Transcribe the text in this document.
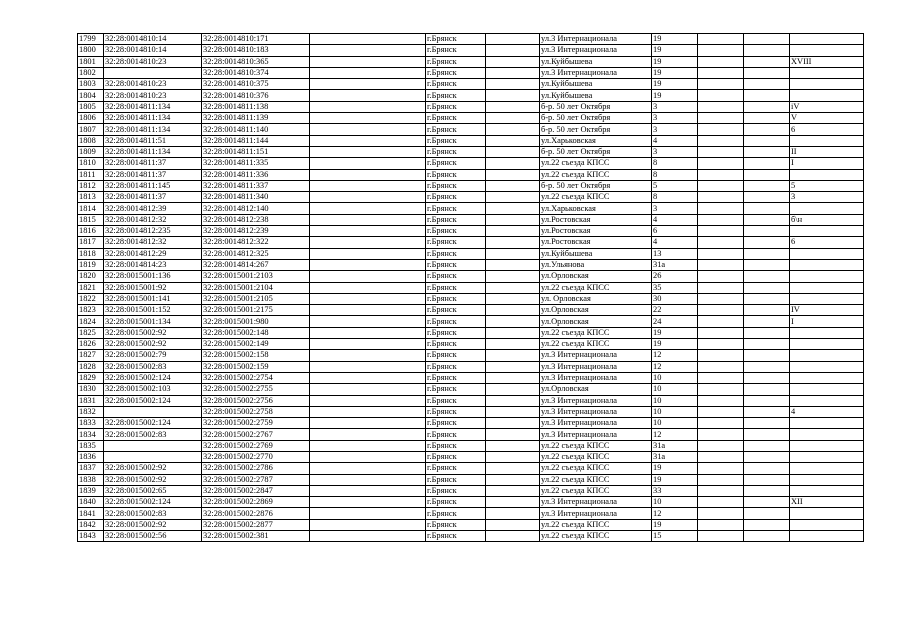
1799	32:28:0014810:14	32:28:0014810:171		г.Брянск		ул.3 Интернационала	19			
1800	32:28:0014810:14	32:28:0014810:183		г.Брянск		ул.3 Интернационала	19			
1801	32:28:0014810:23	32:28:0014810:365		г.Брянск		ул.Куйбышева	19			XVIII
1802		32:28:0014810:374		г.Брянск		ул.3 Интернационала	19			
1803	32:28:0014810:23	32:28:0014810:375		г.Брянск		ул.Куйбышева	19			
1804	32:28:0014810:23	32:28:0014810:376		г.Брянск		ул.Куйбышева	19			
1805	32:28:0014811:134	32:28:0014811:138		г.Брянск		б-р. 50 лет Октября	3			iV
1806	32:28:0014811:134	32:28:0014811:139		г.Брянск		б-р. 50 лет Октября	3			V
1807	32:28:0014811:134	32:28:0014811:140		г.Брянск		б-р. 50 лет Октября	3			6
1808	32:28:0014811:51	32:28:0014811:144		г.Брянск		ул.Харьковская	4			
1809	32:28:0014811:134	32:28:0014811:151		г.Брянск		б-р. 50 лет Октября	3			II
1810	32:28:0014811:37	32:28:0014811:335		г.Брянск		ул.22 съезда КПСС	8			I
1811	32:28:0014811:37	32:28:0014811:336		г.Брянск		ул.22 съезда КПСС	8			
1812	32:28:0014811:145	32:28:0014811:337		г.Брянск		б-р. 50 лет Октября	5			5
1813	32:28:0014811:37	32:28:0014811:340		г.Брянск		ул.22 съезда КПСС	8			3
1814	32:28:0014812:39	32:28:0014812:140		г.Брянск		ул.Харьковская	3			
1815	32:28:0014812:32	32:28:0014812:238		г.Брянск		ул.Ростовская	4			б\н
1816	32:28:0014812:235	32:28:0014812:239		г.Брянск		ул.Ростовская	6			
1817	32:28:0014812:32	32:28:0014812:322		г.Брянск		ул.Ростовская	4			6
1818	32:28:0014812:29	32:28:0014812:325		г.Брянск		ул.Куйбышева	13			
1819	32:28:0014814:23	32:28:0014814:267		г.Брянск		ул.Ульянова	31а			
1820	32:28:0015001:136	32:28:0015001:2103		г.Брянск		ул.Орловская	26			
1821	32:28:0015001:92	32:28:0015001:2104		г.Брянск		ул.22 съезда КПСС	35			
1822	32:28:0015001:141	32:28:0015001:2105		г.Брянск		ул. Орловская	30			
1823	32:28:0015001:152	32:28:0015001:2175		г.Брянск		ул.Орловская	22			IV
1824	32:28:0015001:134	32:28:0015001:980		г.Брянск		ул.Орловская	24			I
1825	32:28:0015002:92	32:28:0015002:148		г.Брянск		ул.22 съезда КПСС	19			
1826	32:28:0015002:92	32:28:0015002:149		г.Брянск		ул.22 съезда КПСС	19			
1827	32:28:0015002:79	32:28:0015002:158		г.Брянск		ул.3 Интернационала	12			
1828	32:28:0015002:83	32:28:0015002:159		г.Брянск		ул.3 Интернационала	12			
1829	32:28:0015002:124	32:28:0015002:2754		г.Брянск		ул.3 Интернационала	10			
1830	32:28:0015002:103	32:28:0015002:2755		г.Брянск		ул.Орловская	10			
1831	32:28:0015002:124	32:28:0015002:2756		г.Брянск		ул.3 Интернационала	10			
1832		32:28:0015002:2758		г.Брянск		ул.3 Интернационала	10			4
1833	32:28:0015002:124	32:28:0015002:2759		г.Брянск		ул.3 Интернационала	10			
1834	32:28:0015002:83	32:28:0015002:2767		г.Брянск		ул.3 Интернационала	12			
1835		32:28:0015002:2769		г.Брянск		ул.22 съезда КПСС	31а			
1836		32:28:0015002:2770		г.Брянск		ул.22 съезда КПСС	31а			
1837	32:28:0015002:92	32:28:0015002:2786		г.Брянск		ул.22 съезда КПСС	19			
1838	32:28:0015002:92	32:28:0015002:2787		г.Брянск		ул.22 съезда КПСС	19			
1839	32:28:0015002:65	32:28:0015002:2847		г.Брянск		ул.22 съезда КПСС	33			
1840	32:28:0015002:124	32:28:0015002:2869		г.Брянск		ул.3 Интернационала	10			XII
1841	32:28:0015002:83	32:28:0015002:2876		г.Брянск		ул.3 Интернационала	12			
1842	32:28:0015002:92	32:28:0015002:2877		г.Брянск		ул.22 съезда КПСС	19			
1843	32:28:0015002:56	32:28:0015002:381		г.Брянск		ул.22 съезда КПСС	15			
